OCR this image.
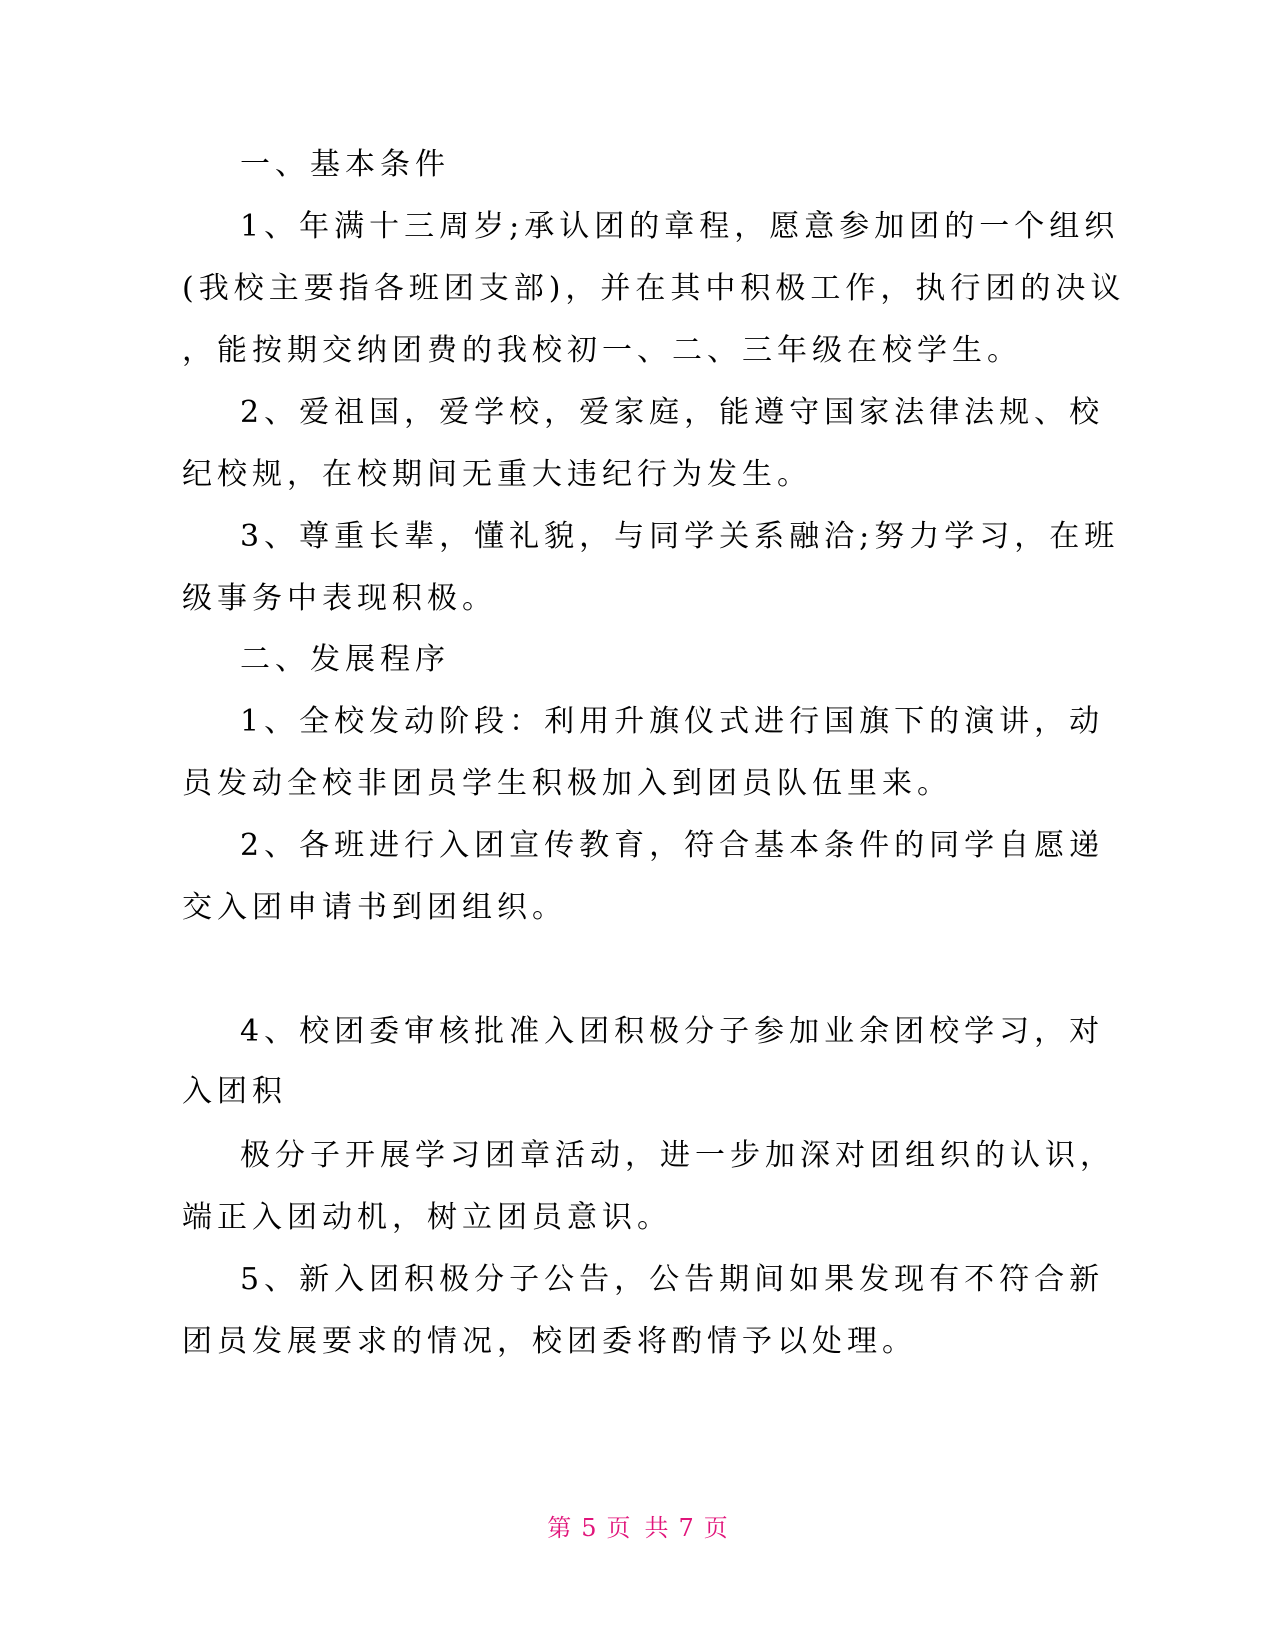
一、基本条件
1、年满十三周岁;承认团的章程，愿意参加团的一个组织
(我校主要指各班团支部)，并在其中积极工作，执行团的决议
，能按期交纳团费的我校初一、二、三年级在校学生。
2、爱祖国，爱学校，爱家庭，能遵守国家法律法规、校
纪校规，在校期间无重大违纪行为发生。
3、尊重长辈，懂礼貌，与同学关系融洽;努力学习，在班
级事务中表现积极。
二、发展程序
1、全校发动阶段：利用升旗仪式进行国旗下的演讲，动
员发动全校非团员学生积极加入到团员队伍里来。
2、各班进行入团宣传教育，符合基本条件的同学自愿递
交入团申请书到团组织。
4、校团委审核批准入团积极分子参加业余团校学习，对
入团积
极分子开展学习团章活动，进一步加深对团组织的认识，
端正入团动机，树立团员意识。
5、新入团积极分子公告，公告期间如果发现有不符合新
团员发展要求的情况，校团委将酌情予以处理。
第 5 页 共 7 页
